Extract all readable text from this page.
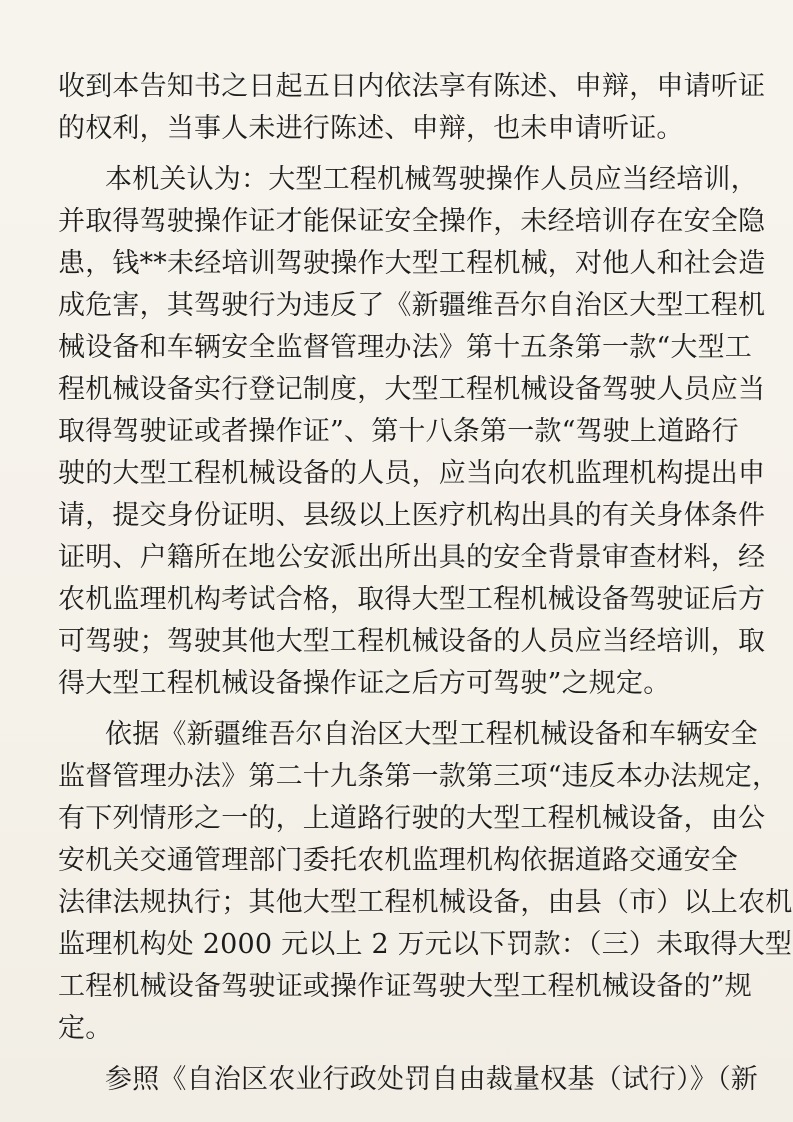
收到本告知书之日起五日内依法享有陈述、申辩，申请听证
的权利，当事人未进行陈述、申辩，也未申请听证。
本机关认为：大型工程机械驾驶操作人员应当经培训，
并取得驾驶操作证才能保证安全操作，未经培训存在安全隐
患，钱**未经培训驾驶操作大型工程机械，对他人和社会造
成危害，其驾驶行为违反了《新疆维吾尔自治区大型工程机
械设备和车辆安全监督管理办法》第十五条第一款“大型工
程机械设备实行登记制度，大型工程机械设备驾驶人员应当
取得驾驶证或者操作证”、第十八条第一款“驾驶上道路行
驶的大型工程机械设备的人员，应当向农机监理机构提出申
请，提交身份证明、县级以上医疗机构出具的有关身体条件
证明、户籍所在地公安派出所出具的安全背景审查材料，经
农机监理机构考试合格，取得大型工程机械设备驾驶证后方
可驾驶；驾驶其他大型工程机械设备的人员应当经培训，取
得大型工程机械设备操作证之后方可驾驶”之规定。
依据《新疆维吾尔自治区大型工程机械设备和车辆安全
监督管理办法》第二十九条第一款第三项“违反本办法规定，
有下列情形之一的，上道路行驶的大型工程机械设备，由公
安机关交通管理部门委托农机监理机构依据道路交通安全
法律法规执行；其他大型工程机械设备，由县（市）以上农机
监理机构处 2000 元以上 2 万元以下罚款：（三）未取得大型
工程机械设备驾驶证或操作证驾驶大型工程机械设备的”规
定。
参照《自治区农业行政处罚自由裁量权基（试行）》（新
